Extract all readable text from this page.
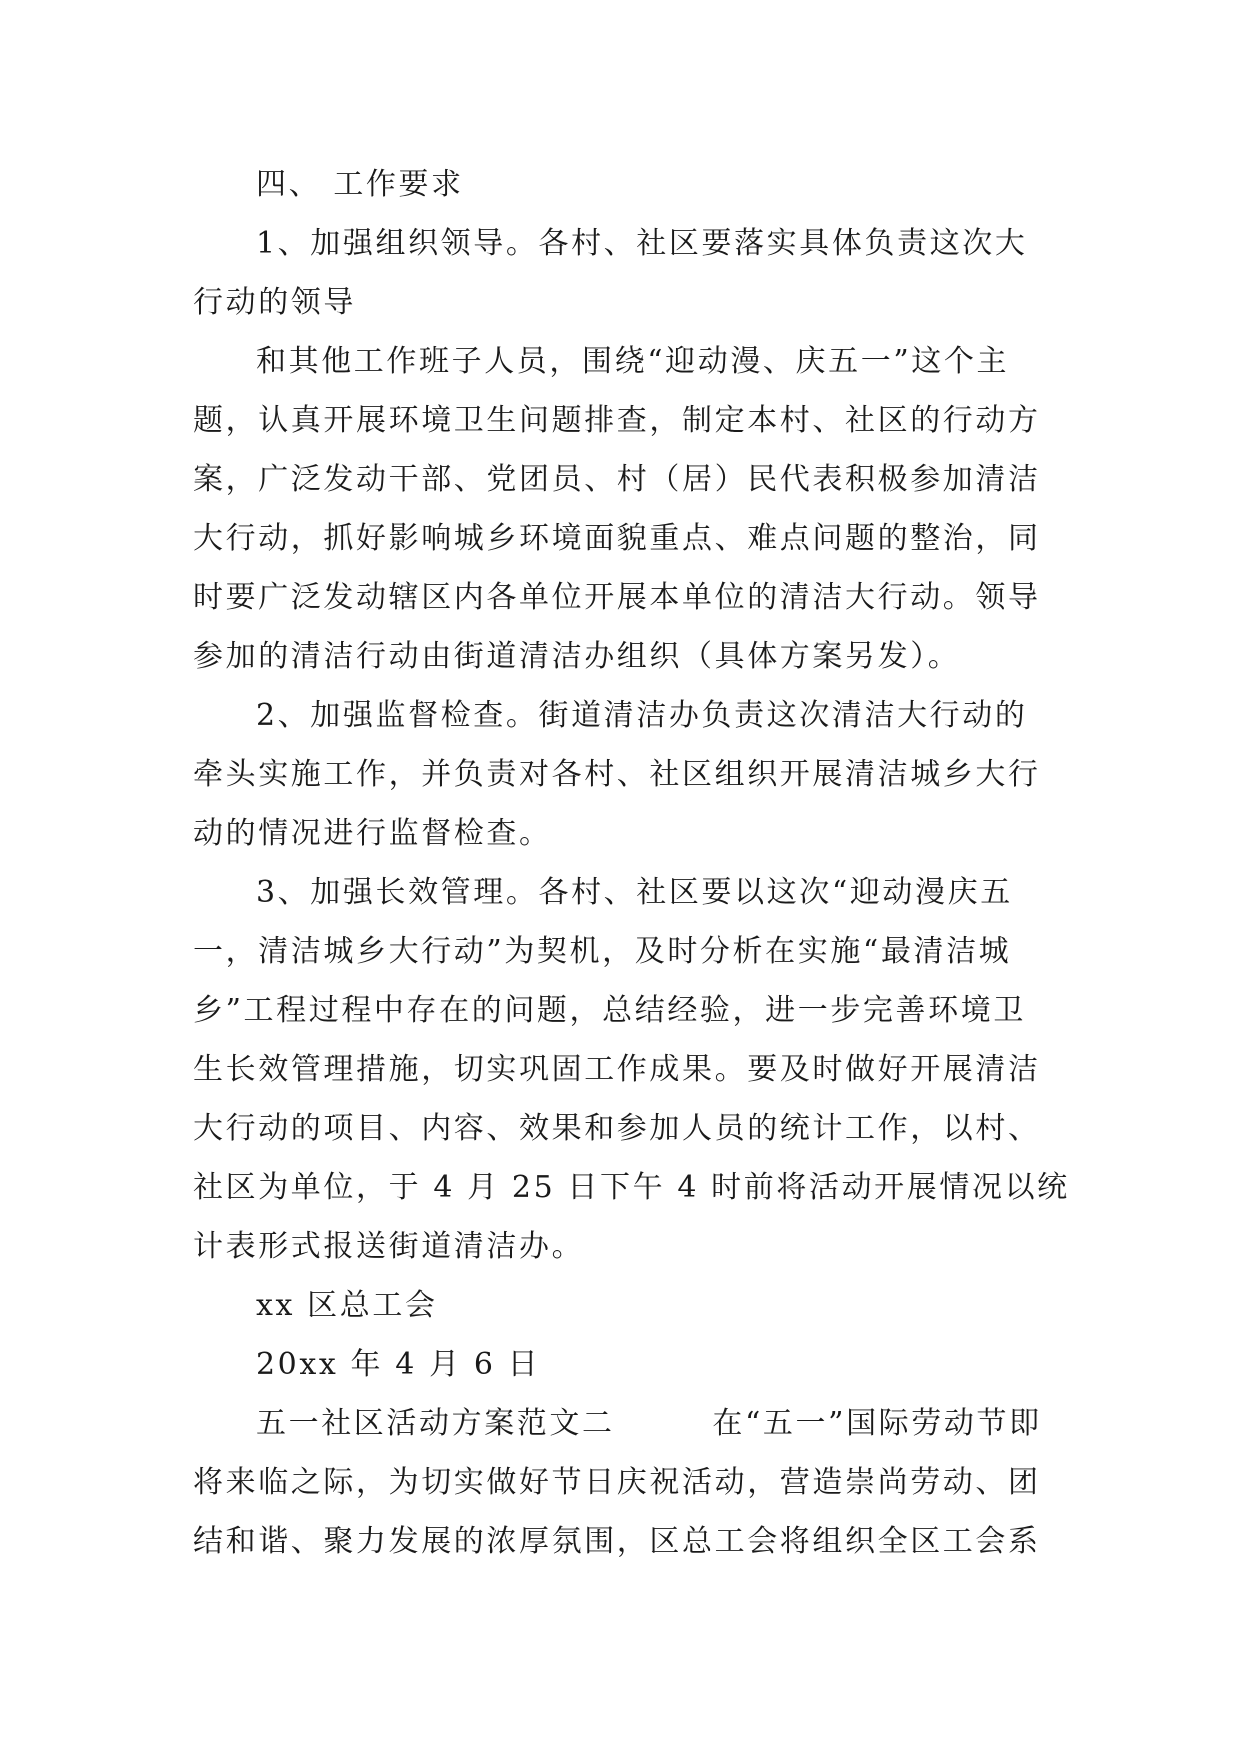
四、 工作要求
1、加强组织领导。各村、社区要落实具体负责这次大
行动的领导
和其他工作班子人员，围绕“迎动漫、庆五一”这个主
题，认真开展环境卫生问题排查，制定本村、社区的行动方
案，广泛发动干部、党团员、村（居）民代表积极参加清洁
大行动，抓好影响城乡环境面貌重点、难点问题的整治，同
时要广泛发动辖区内各单位开展本单位的清洁大行动。领导
参加的清洁行动由街道清洁办组织（具体方案另发）。
2、加强监督检查。街道清洁办负责这次清洁大行动的
牵头实施工作，并负责对各村、社区组织开展清洁城乡大行
动的情况进行监督检查。
3、加强长效管理。各村、社区要以这次“迎动漫庆五
一，清洁城乡大行动”为契机，及时分析在实施“最清洁城
乡”工程过程中存在的问题，总结经验，进一步完善环境卫
生长效管理措施，切实巩固工作成果。要及时做好开展清洁
大行动的项目、内容、效果和参加人员的统计工作，以村、
社区为单位，于 4 月 25 日下午 4 时前将活动开展情况以统
计表形式报送街道清洁办。
xx 区总工会
20xx 年 4 月 6 日
五一社区活动方案范文二　　　在“五一”国际劳动节即
将来临之际，为切实做好节日庆祝活动，营造崇尚劳动、团
结和谐、聚力发展的浓厚氛围，区总工会将组织全区工会系
